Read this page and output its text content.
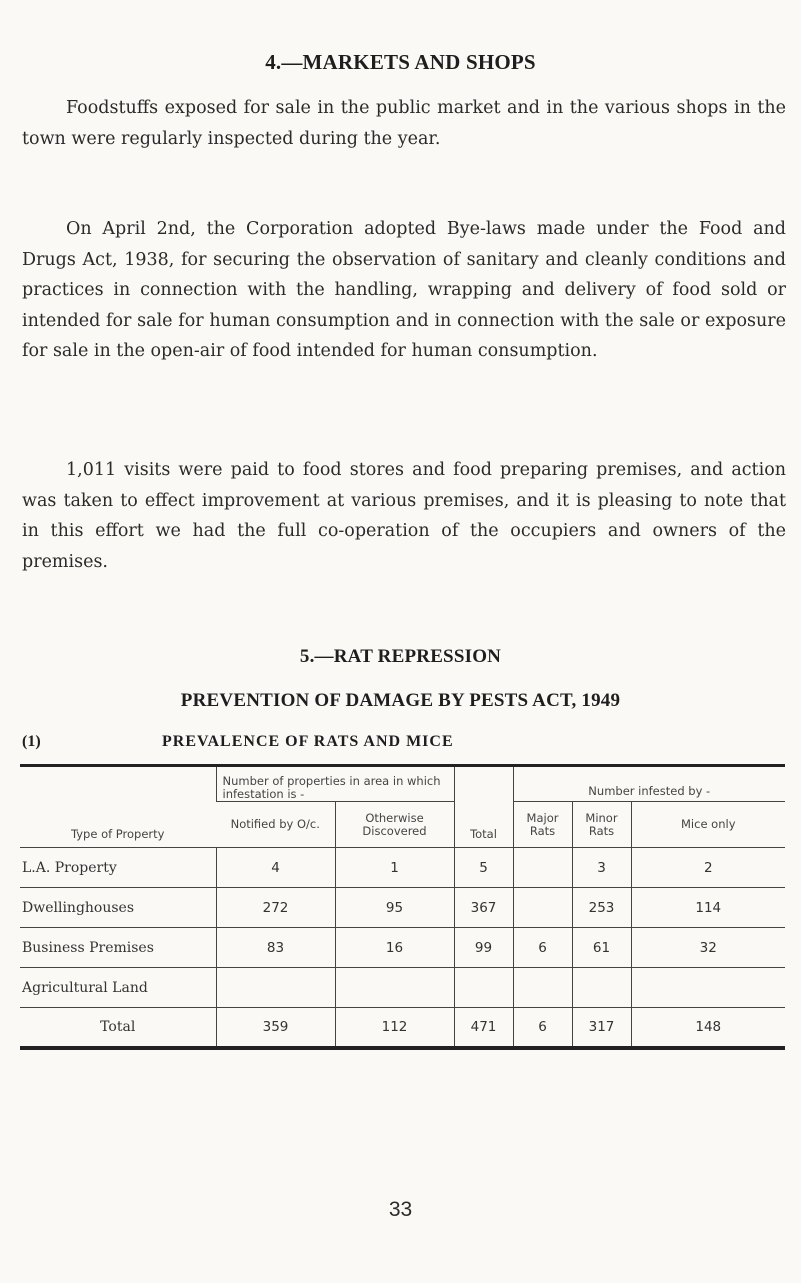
4.—MARKETS AND SHOPS

Foodstuffs exposed for sale in the public market and in the various shops in the town were regularly inspected during the year.

On April 2nd, the Corporation adopted Bye-laws made under the Food and Drugs Act, 1938, for securing the observation of sanitary and cleanly conditions and practices in connection with the handling, wrapping and delivery of food sold or intended for sale for human consumption and in connection with the sale or exposure for sale in the open-air of food intended for human consumption.

1,011 visits were paid to food stores and food preparing premises, and action was taken to effect improvement at various premises, and it is pleasing to note that in this effort we had the full co-operation of the occupiers and owners of the premises.

5.—RAT REPRESSION
PREVENTION OF DAMAGE BY PESTS ACT, 1949
(1)	PREVALENCE OF RATS AND MICE
Type of Property	Number of properties in area in which infestation is -		Total	Number infested by -		
	Notified by O/c.	Otherwise Discovered		Major Rats	Minor Rats	Mice only
L.A. Property	4	1	5		3	2
Dwellinghouses	272	95	367		253	114
Business Premises	83	16	99	6	61	32
Agricultural Land						
Total	359	112	471	6	317	148
33
